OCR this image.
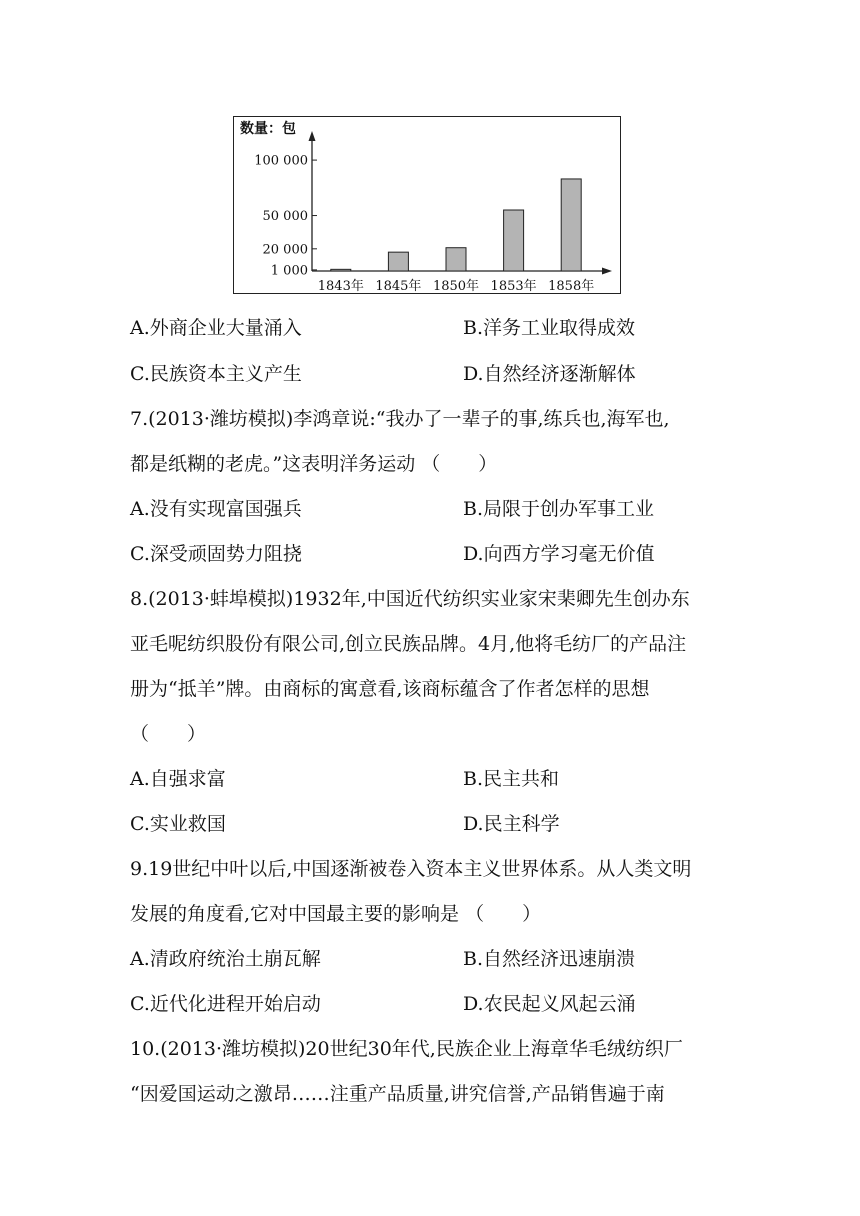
数量：包
1 000
20 000
50 000
100 000
1843年 1845年 1850年 1853年 1858年
A.外商企业大量涌入	B.洋务工业取得成效
C.民族资本主义产生	D.自然经济逐渐解体
7.(2013·潍坊模拟)李鸿章说:“我办了一辈子的事,练兵也,海军也,
都是纸糊的老虎。”这表明洋务运动 （　　）
A.没有实现富国强兵	B.局限于创办军事工业
C.深受顽固势力阻挠	D.向西方学习毫无价值
8.(2013·蚌埠模拟)1932年,中国近代纺织实业家宋棐卿先生创办东
亚毛呢纺织股份有限公司,创立民族品牌。4月,他将毛纺厂的产品注
册为“抵羊”牌。由商标的寓意看,该商标蕴含了作者怎样的思想
（　　）
A.自强求富	B.民主共和
C.实业救国	D.民主科学
9.19世纪中叶以后,中国逐渐被卷入资本主义世界体系。从人类文明
发展的角度看,它对中国最主要的影响是 （　　）
A.清政府统治土崩瓦解	B.自然经济迅速崩溃
C.近代化进程开始启动	D.农民起义风起云涌
10.(2013·潍坊模拟)20世纪30年代,民族企业上海章华毛绒纺织厂
“因爱国运动之激昂……注重产品质量,讲究信誉,产品销售遍于南
